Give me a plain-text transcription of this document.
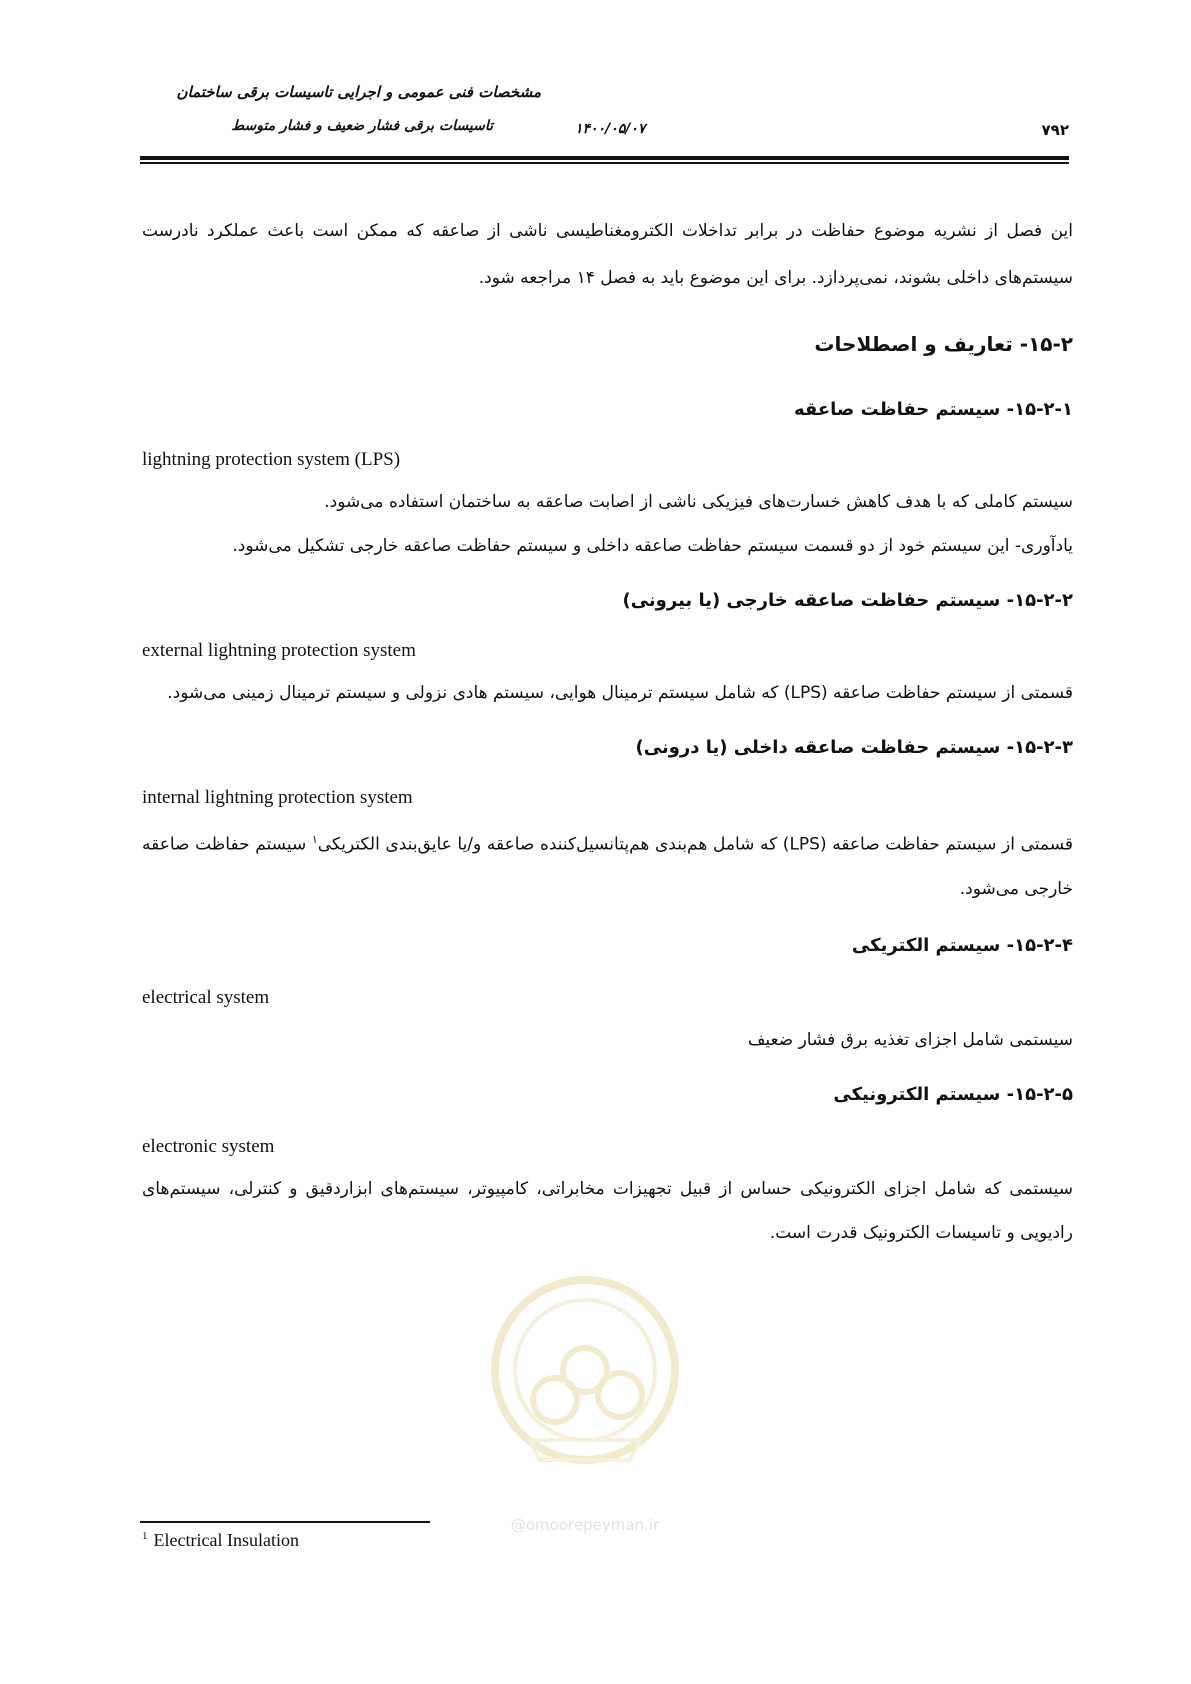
مشخصات فنی عمومی و اجرایی تاسیسات برقی ساختمان
تاسیسات برقی فشار ضعیف و فشار متوسط	۱۴۰۰/۰۵/۰۷	۷۹۲

این فصل از نشریه موضوع حفاظت در برابر تداخلات الکترومغناطیسی ناشی از صاعقه که ممکن است باعث عملکرد نادرست سیستم‌های داخلی بشوند، نمی‌پردازد. برای این موضوع باید به فصل ۱۴ مراجعه شود.

۱۵-۲- تعاریف و اصطلاحات

۱۵-۲-۱- سیستم حفاظت صاعقه

lightning protection system (LPS)

سیستم کاملی که با هدف کاهش خسارت‌های فیزیکی ناشی از اصابت صاعقه به ساختمان استفاده می‌شود.

یادآوری- این سیستم خود از دو قسمت سیستم حفاظت صاعقه داخلی و سیستم حفاظت صاعقه خارجی تشکیل می‌شود.

۱۵-۲-۲- سیستم حفاظت صاعقه خارجی (یا بیرونی)

external lightning protection system

قسمتی از سیستم حفاظت صاعقه (LPS) که شامل سیستم ترمینال هوایی، سیستم هادی نزولی و سیستم ترمینال زمینی می‌شود.

۱۵-۲-۳- سیستم حفاظت صاعقه داخلی (یا درونی)

internal lightning protection system

قسمتی از سیستم حفاظت صاعقه (LPS) که شامل هم‌بندی هم‌پتانسیل‌کننده صاعقه و/یا عایق‌بندی الکتریکی$^۱$ سیستم حفاظت صاعقه خارجی می‌شود.

۱۵-۲-۴- سیستم الکتریکی

electrical system

سیستمی شامل اجزای تغذیه برق فشار ضعیف

۱۵-۲-۵- سیستم الکترونیکی

electronic system

سیستمی که شامل اجزای الکترونیکی حساس از قبیل تجهیزات مخابراتی، کامپیوتر، سیستم‌های ابزاردقیق و کنترلی، سیستم‌های رادیویی و تاسیسات الکترونیک قدرت است.

@omoorepeyman.ir
$^1$ Electrical Insulation
